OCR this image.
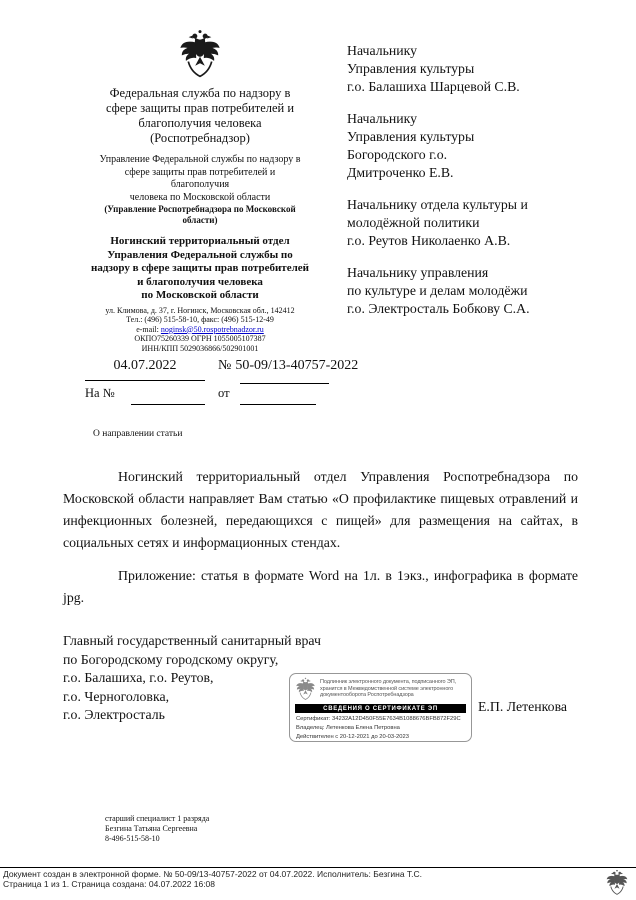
Федеральная служба по надзору в
сфере защиты прав потребителей и
благополучия человека
(Роспотребнадзор)
Управление Федеральной службы по надзору в
сфере защиты прав потребителей и
благополучия
человека по Московской области
(Управление Роспотребнадзора по Московской
области)
Ногинский территориальный отдел
Управления Федеральной службы по
надзору в сфере защиты прав потребителей
и благополучия человека
по Московской области
ул. Климова, д. 37, г. Ногинск, Московская обл., 142412
Тел.: (496) 515-58-10, факс: (496) 515-12-49
e-mail: noginsk@50.rospotrebnadzor.ru
ОКПО75260339 ОГРН 1055005107387
ИНН/КПП 5029036866/502901001

Начальнику
Управления культуры
г.о. Балашиха Шарцевой С.В.

Начальнику
Управления культуры
Богородского г.о.
Дмитроченко Е.В.

Начальнику отдела культуры и
молодёжной политики
г.о. Реутов Николаенко А.В.

Начальнику управления
по культуре и делам молодёжи
г.о. Электросталь Бобкову С.А.

04.07.2022	№ 50-09/13-40757-2022
На №	от
О направлении статьи

Ногинский территориальный отдел Управления Роспотребнадзора по Московской области направляет Вам статью «О профилактике пищевых отравлений и инфекционных болезней, передающихся с пищей» для размещения на сайтах, в социальных сетях и информационных стендах.

Приложение: статья в формате Word на 1л. в 1экз., инфографика в формате jpg.

Главный государственный санитарный врач
по Богородскому городскому округу,
г.о. Балашиха, г.о. Реутов,
г.о. Черноголовка,
г.о. Электросталь
Е.П. Летенкова
Подлинник электронного документа, подписанного ЭП,
хранится в Межведомственной системе электронного
документооборота Роспотребнадзора
СВЕДЕНИЯ О СЕРТИФИКАТЕ ЭП
Сертификат: 34232A12D450F55E7634B1088676BFB872F29C
Владелец: Летенкова Елена Петровна
Действителен с 20-12-2021 до 20-03-2023
старший специалист 1 разряда
Безгина Татьяна Сергеевна
8-496-515-58-10
Документ создан в электронной форме. № 50-09/13-40757-2022 от 04.07.2022. Исполнитель: Безгина Т.С.
Страница 1 из 1. Страница создана: 04.07.2022 16:08
